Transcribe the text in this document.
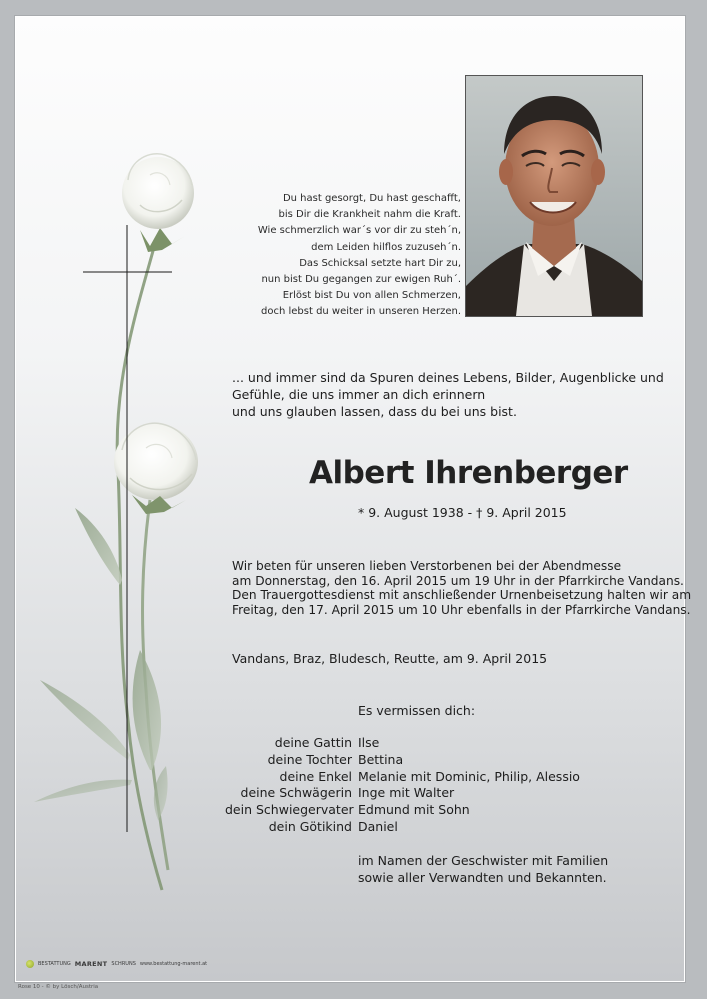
Du hast gesorgt, Du hast geschafft,
bis Dir die Krankheit nahm die Kraft.
Wie schmerzlich war´s vor dir zu steh´n,
dem Leiden hilflos zuzuseh´n.
Das Schicksal setzte hart Dir zu,
nun bist Du gegangen zur ewigen Ruh´.
Erlöst bist Du von allen Schmerzen,
doch lebst du weiter in unseren Herzen.
... und immer sind da Spuren deines Lebens, Bilder, Augenblicke und
Gefühle, die uns immer an dich erinnern
und uns glauben lassen, dass du bei uns bist.
Albert Ihrenberger
* 9. August 1938 - † 9. April 2015
Wir beten für unseren lieben Verstorbenen bei der Abendmesse
am Donnerstag, den 16. April 2015 um 19 Uhr in der Pfarrkirche Vandans.
Den Trauergottesdienst mit anschließender Urnenbeisetzung halten wir am
Freitag, den 17. April 2015 um 10 Uhr ebenfalls in der Pfarrkirche Vandans.
Vandans, Braz, Bludesch, Reutte, am 9. April 2015
Es vermissen dich:
deine Gattin Ilse
deine Tochter Bettina
deine Enkel Melanie mit Dominic, Philip, Alessio
deine Schwägerin Inge mit Walter
dein Schwiegervater Edmund mit Sohn
dein Götikind Daniel
im Namen der Geschwister mit Familien
sowie aller Verwandten und Bekannten.
BESTATTUNG MARENT SCHRUNS www.bestattung-marent.at
Rose 10 - © by Lösch/Austria
